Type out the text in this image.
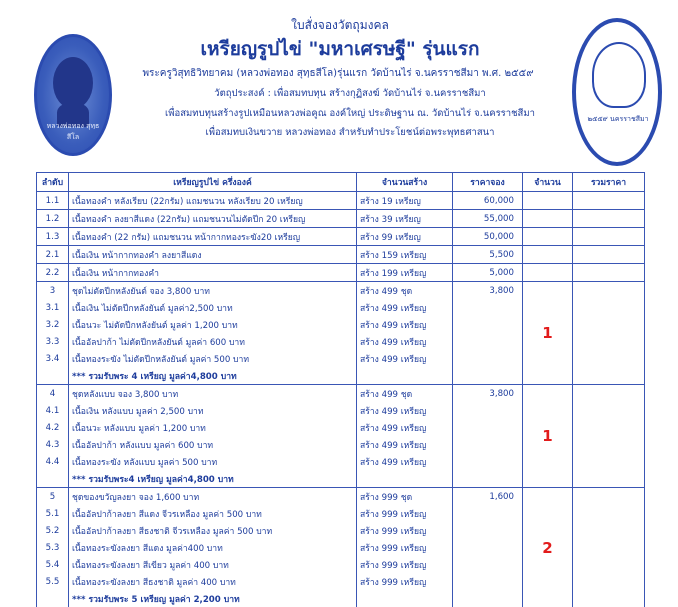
ใบสั่งจองวัตถุมงคล
เหรียญรูปไข่ "มหาเศรษฐี" รุ่นแรก
พระครูวิสุทธิวิทยาคม (หลวงพ่อทอง สุทฺธสีโล)รุ่นแรก วัดบ้านไร่ จ.นครราชสีมา พ.ศ. ๒๕๕๙
วัตถุประสงค์ : เพื่อสมทบทุน สร้างกุฏิสงฆ์ วัดบ้านไร่ จ.นครราชสีมา
เพื่อสมทบทุนสร้างรูปเหมือนหลวงพ่อคูณ องค์ใหญ่ ประดิษฐาน ณ. วัดบ้านไร่ จ.นครราชสีมา
เพื่อสมทบเงินขวาย หลวงพ่อทอง สำหรับทำประโยชน์ต่อพระพุทธศาสนา
หลวงพ่อทอง สุทฺธสีโล
๒๕๕๙ นครราชสีมา
ลำดับ	เหรียญรูปไข่ ครึ่งองค์	จำนวนสร้าง	ราคาจอง	จำนวน	รวมราคา
1.1	เนื้อทองคำ หลังเรียบ (22กรัม) แถมชนวน หลังเรียบ 20 เหรียญ	สร้าง 19 เหรียญ	60,000		
1.2	เนื้อทองคำ ลงยาสีแดง (22กรัม) แถมชนวนไม่ตัดปีก 20 เหรียญ	สร้าง 39 เหรียญ	55,000		
1.3	เนื้อทองคำ (22 กรัม) แถมชนวน หน้ากากทองระฆัง20 เหรียญ	สร้าง 99 เหรียญ	50,000		
2.1	เนื้อเงิน หน้ากากทองคำ ลงยาสีแดง	สร้าง 159 เหรียญ	5,500		
2.2	เนื้อเงิน หน้ากากทองคำ	สร้าง 199 เหรียญ	5,000		
3	ชุดไม่ตัดปีกหลังยันต์ จอง 3,800 บาท	สร้าง 499 ชุด	3,800	1	
3.1	เนื้อเงิน ไม่ตัดปีกหลังยันต์ มูลค่า2,500 บาท	สร้าง 499 เหรียญ			
3.2	เนื้อนวะ ไม่ตัดปีกหลังยันต์ มูลค่า 1,200 บาท	สร้าง 499 เหรียญ			
3.3	เนื้ออัลปาก้า ไม่ตัดปีกหลังยันต์ มูลค่า 600 บาท	สร้าง 499 เหรียญ			
3.4	เนื้อทองระฆัง ไม่ตัดปีกหลังยันต์ มูลค่า 500 บาท	สร้าง 499 เหรียญ			
	*** รวมรับพระ 4 เหรียญ มูลค่า4,800 บาท				
4	ชุดหลังแบบ จอง 3,800 บาท	สร้าง 499 ชุด	3,800	1	
4.1	เนื้อเงิน หลังแบบ มูลค่า 2,500 บาท	สร้าง 499 เหรียญ			
4.2	เนื้อนวะ หลังแบบ มูลค่า 1,200 บาท	สร้าง 499 เหรียญ			
4.3	เนื้ออัลปาก้า หลังแบบ มูลค่า 600 บาท	สร้าง 499 เหรียญ			
4.4	เนื้อทองระฆัง หลังแบบ มูลค่า 500 บาท	สร้าง 499 เหรียญ			
	*** รวมรับพระ4 เหรียญ มูลค่า4,800 บาท				
5	ชุดของขวัญลงยา จอง 1,600 บาท	สร้าง 999 ชุด	1,600	2	
5.1	เนื้ออัลปาก้าลงยา สีแดง จีวรเหลือง มูลค่า 500 บาท	สร้าง 999 เหรียญ			
5.2	เนื้ออัลปาก้าลงยา สีธงชาติ จีวรเหลือง มูลค่า 500 บาท	สร้าง 999 เหรียญ			
5.3	เนื้อทองระฆังลงยา สีแดง มูลค่า400 บาท	สร้าง 999 เหรียญ			
5.4	เนื้อทองระฆังลงยา สีเขียว มูลค่า 400 บาท	สร้าง 999 เหรียญ			
5.5	เนื้อทองระฆังลงยา สีธงชาติ มูลค่า 400 บาท	สร้าง 999 เหรียญ			
	*** รวมรับพระ 5 เหรียญ มูลค่า 2,200 บาท				
